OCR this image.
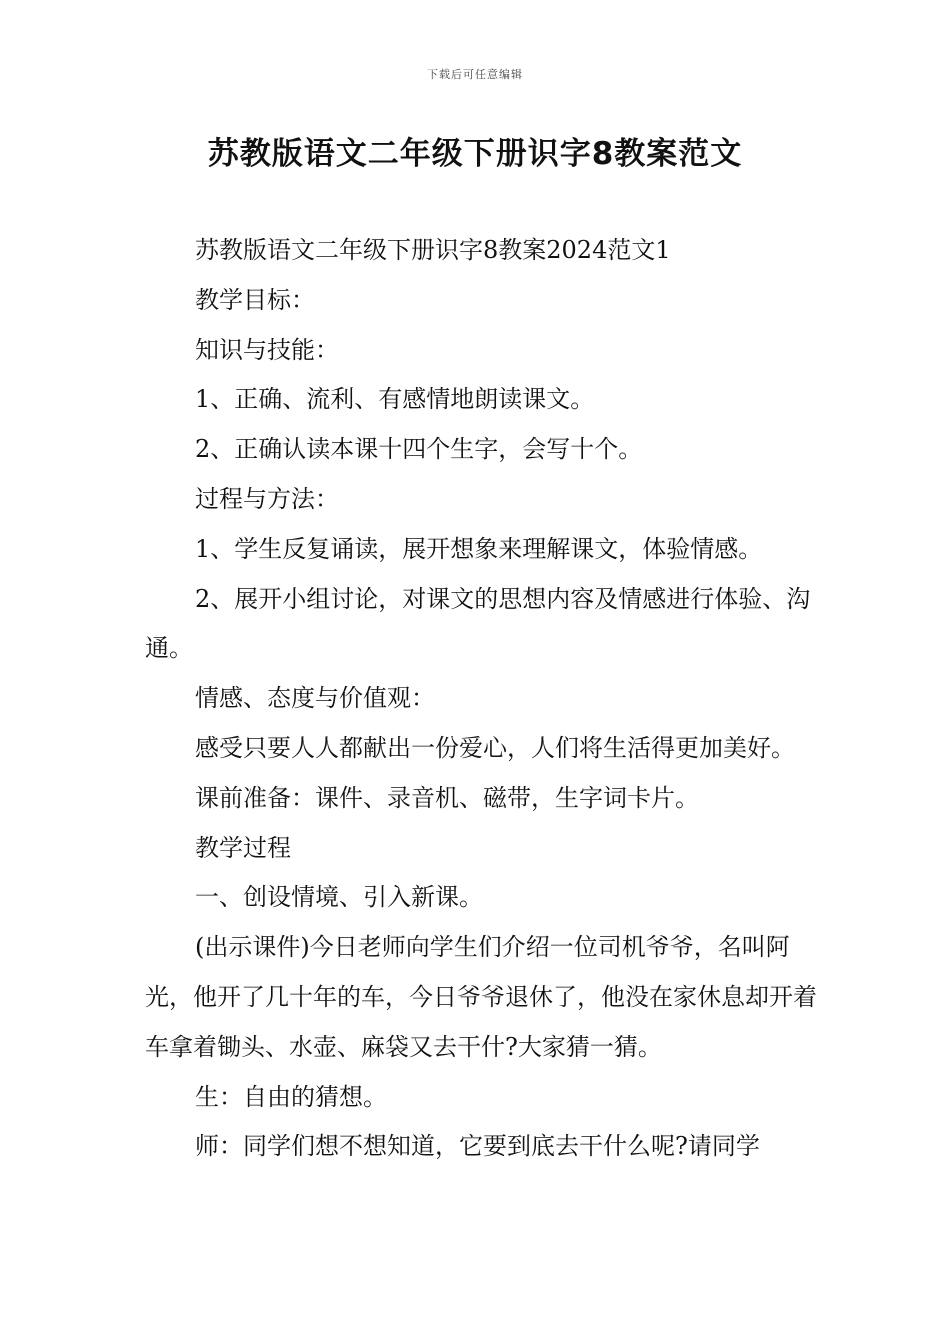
下载后可任意编辑
苏教版语文二年级下册识字8教案范文

苏教版语文二年级下册识字8教案2024范文1

教学目标：

知识与技能：

1、正确、流利、有感情地朗读课文。

2、正确认读本课十四个生字，会写十个。

过程与方法：

1、学生反复诵读，展开想象来理解课文，体验情感。

2、展开小组讨论，对课文的思想内容及情感进行体验、沟通。

情感、态度与价值观：

感受只要人人都献出一份爱心，人们将生活得更加美好。

课前准备：课件、录音机、磁带，生字词卡片。

教学过程

一、创设情境、引入新课。

(出示课件)今日老师向学生们介绍一位司机爷爷，名叫阿光，他开了几十年的车，今日爷爷退休了，他没在家休息却开着车拿着锄头、水壶、麻袋又去干什?大家猜一猜。

生：自由的猜想。

师：同学们想不想知道，它要到底去干什么呢?请同学
